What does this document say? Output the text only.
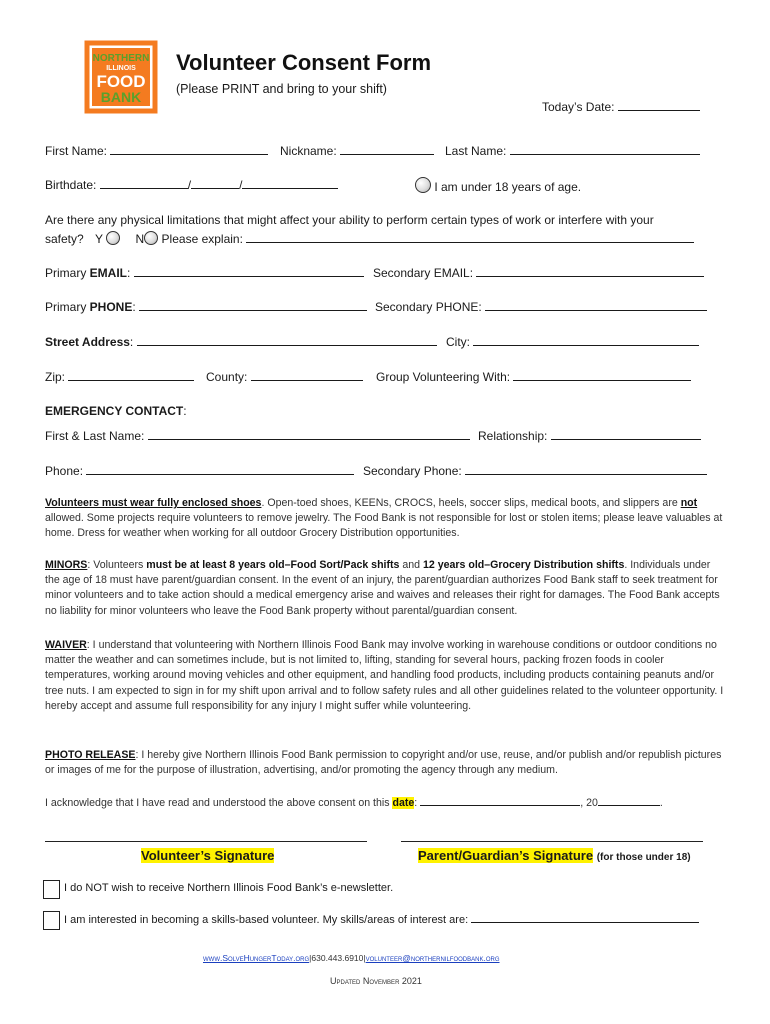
NORTHERN
ILLINOIS
FOOD
BANK
Volunteer Consent Form
(Please PRINT and bring to your shift)
Today’s Date:
First Name:	Nickname:	Last Name:
Birthdate:	/	/	I am under 18 years of age.
Are there any physical limitations that might affect your ability to perform certain types of work or interfere with your
safety? Y	N Please explain:
Primary EMAIL:	Secondary EMAIL:
Primary PHONE:	Secondary PHONE:
Street Address:	City:
Zip:	County:	Group Volunteering With:
EMERGENCY CONTACT:
First & Last Name:	Relationship:
Phone:	Secondary Phone:
Volunteers must wear fully enclosed shoes. Open-toed shoes, KEENs, CROCS, heels, soccer slips, medical boots, and slippers are not allowed. Some projects require volunteers to remove jewelry. The Food Bank is not responsible for lost or stolen items; please leave valuables at home. Dress for weather when working for all outdoor Grocery Distribution opportunities.
MINORS: Volunteers must be at least 8 years old–Food Sort/Pack shifts and 12 years old–Grocery Distribution shifts. Individuals under the age of 18 must have parent/guardian consent. In the event of an injury, the parent/guardian authorizes Food Bank staff to seek treatment for minor volunteers and to take action should a medical emergency arise and waives and releases their right for damages. The Food Bank accepts no liability for minor volunteers who leave the Food Bank property without parental/guardian consent.
WAIVER: I understand that volunteering with Northern Illinois Food Bank may involve working in warehouse conditions or outdoor conditions no matter the weather and can sometimes include, but is not limited to, lifting, standing for several hours, packing frozen foods in cooler temperatures, working around moving vehicles and other equipment, and handling food products, including products containing peanuts and/or tree nuts. I am expected to sign in for my shift upon arrival and to follow safety rules and all other guidelines related to the volunteer opportunity. I hereby accept and assume full responsibility for any injury I might suffer while volunteering.
PHOTO RELEASE: I hereby give Northern Illinois Food Bank permission to copyright and/or use, reuse, and/or publish and/or republish pictures or images of me for the purpose of illustration, advertising, and/or promoting the agency through any medium.
I acknowledge that I have read and understood the above consent on this date:	, 20	.
Volunteer’s Signature	Parent/Guardian’s Signature (for those under 18)
I do NOT wish to receive Northern Illinois Food Bank’s e-newsletter.
I am interested in becoming a skills-based volunteer. My skills/areas of interest are:
www.SolveHungerToday.org|630.443.6910|volunteer@northernilfoodbank.org
Updated November 2021
